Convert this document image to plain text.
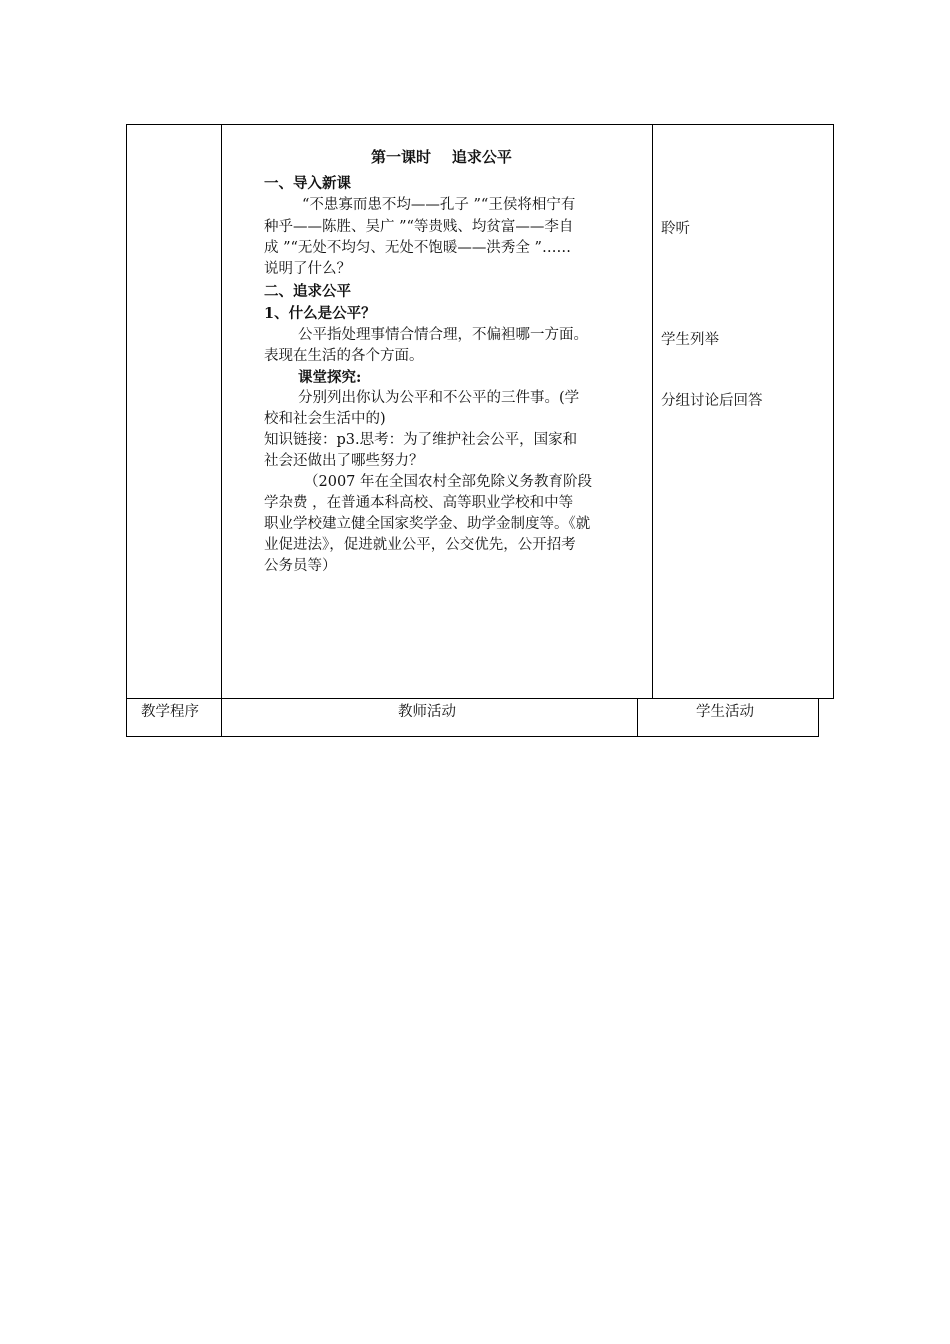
第一课时    追求公平
一、导入新课
“不患寡而患不均——孔子 ”“王侯将相宁有
种乎——陈胜、吴广 ”“等贵贱、均贫富——李自
成 ”“无处不均匀、无处不饱暖——洪秀全 ”……
说明了什么？
二、追求公平
1、什么是公平？
公平指处理事情合情合理，不偏袒哪一方面。
表现在生活的各个方面。
课堂探究:
分别列出你认为公平和不公平的三件事。(学
校和社会生活中的)
知识链接：p3.思考：为了维护社会公平，国家和
社会还做出了哪些努力？
（2007 年在全国农村全部免除义务教育阶段
学杂费 ，在普通本科高校、高等职业学校和中等
职业学校建立健全国家奖学金、助学金制度等。《就
业促进法》，促进就业公平，公交优先，公开招考
公务员等）
聆听
学生列举
分组讨论后回答
教学程序	教师活动	学生活动
